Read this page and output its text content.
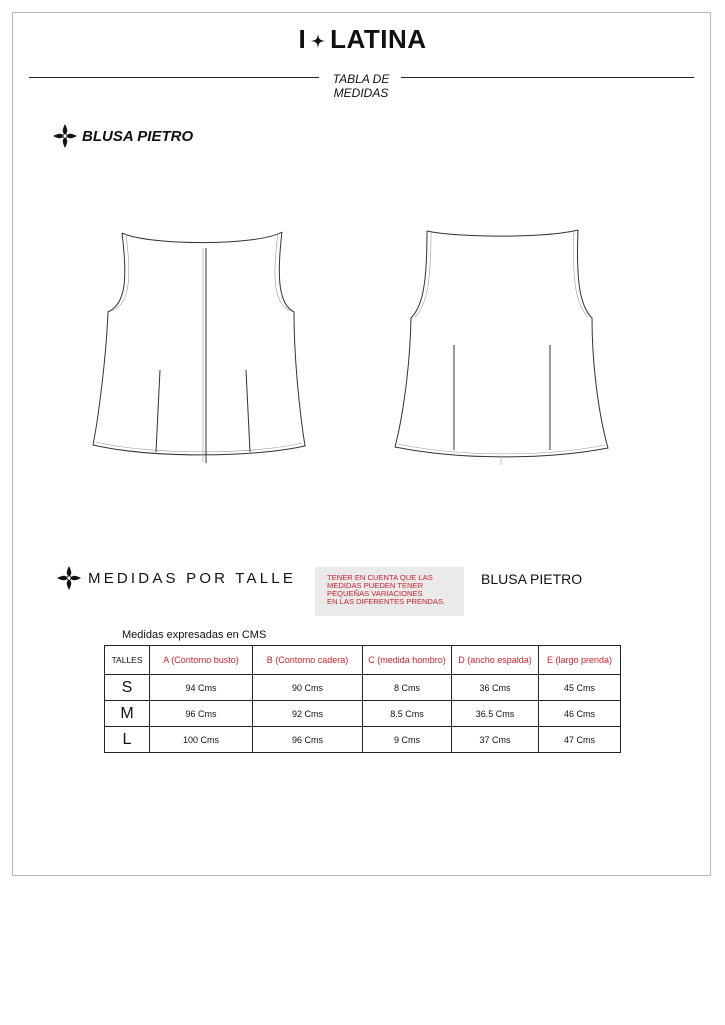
I LATINA
TABLA DE
MEDIDAS
BLUSA PIETRO
MEDIDAS POR TALLE	TENER EN CUENTA QUE LAS
MEDIDAS PUEDEN TENER
PEQUEÑAS VARIACIONES
EN LAS DIFERENTES PRENDAS.
BLUSA PIETRO
Medidas expresadas en CMS
TALLES	A (Contorno busto)	B (Contorno cadera)	C (medida hombro)	D (ancho espalda)	E (largo prenda)
S	94 Cms	90 Cms	8 Cms	36 Cms	45 Cms
M	96 Cms	92 Cms	8.5 Cms	36.5 Cms	46 Cms
L	100 Cms	96 Cms	9 Cms	37 Cms	47 Cms
